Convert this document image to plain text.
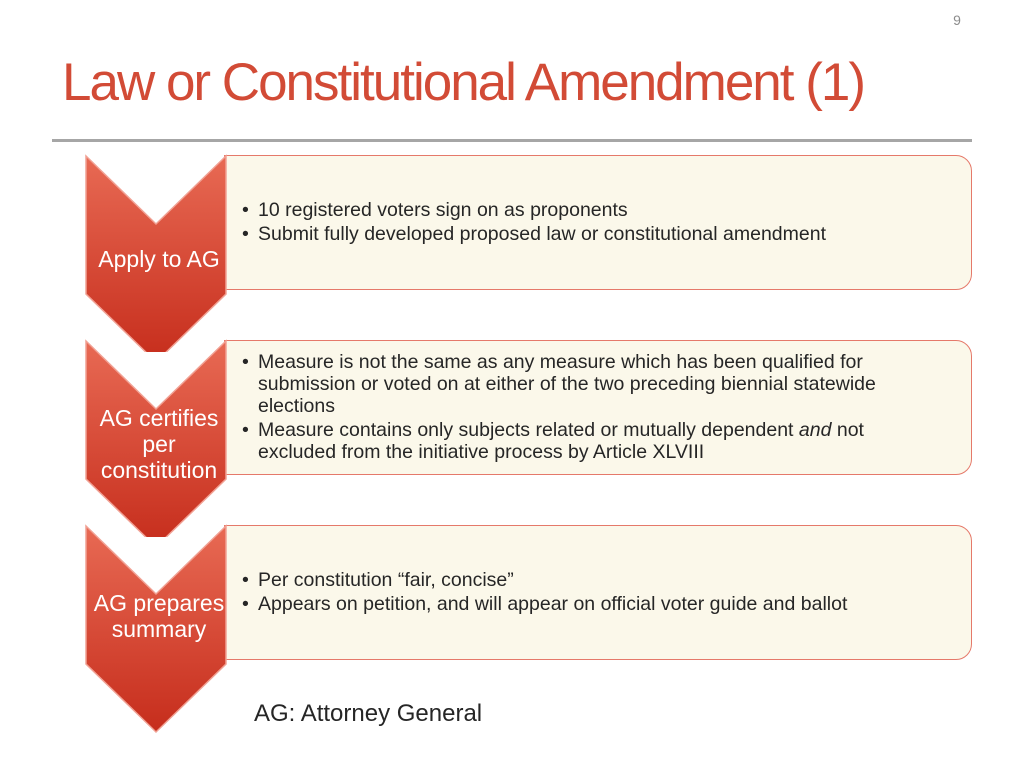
9
Law or Constitutional Amendment (1)
• 10 registered voters sign on as proponents
• Submit fully developed proposed law or constitutional amendment
• Measure is not the same as any measure which has been qualified for submission or voted on at either of the two preceding biennial statewide elections
• Measure contains only subjects related or mutually dependent and not excluded from the initiative process by Article XLVIII
• Per constitution “fair, concise”
• Appears on petition, and will appear on official voter guide and ballot
Apply to AG
AG certifies per constitution
AG prepares summary
AG: Attorney General
